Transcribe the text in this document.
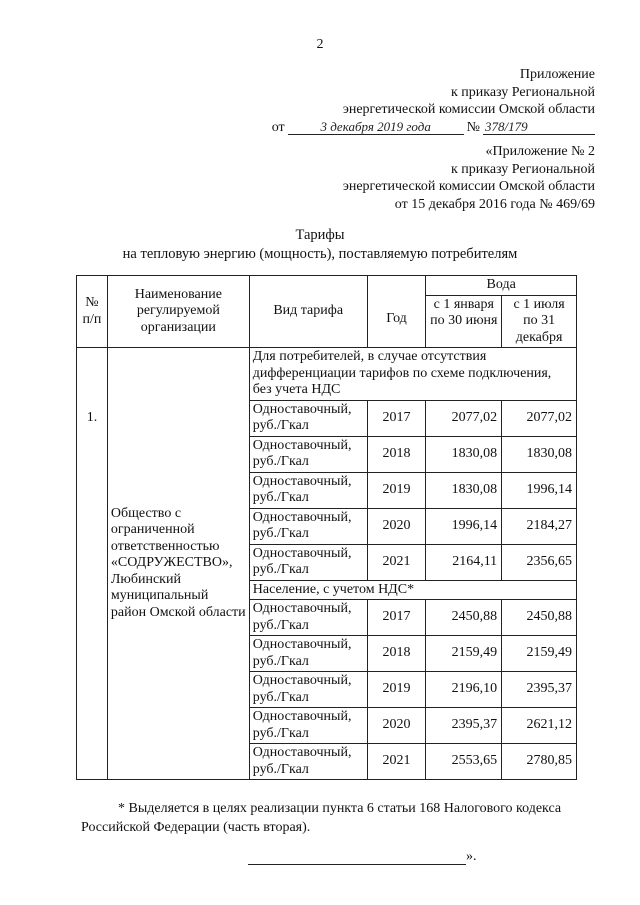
2
Приложение
к приказу Региональной
энергетической комиссии Омской области
от	3 декабря 2019 года	№ 378/179
«Приложение № 2
к приказу Региональной
энергетической комиссии Омской области
от 15 декабря 2016 года № 469/69
Тарифы
на тепловую энергию (мощность), поставляемую потребителям
№ п/п	Наименование регулируемой организации	Вид тарифа	Год	Вода	
				с 1 января по 30 июня	с 1 июля по 31 декабря
1.	Общество с ограниченной ответственностью «СОДРУЖЕСТВО», Любинский муниципальный район Омской области	Для потребителей, в случае отсутствия дифференциации тарифов по схеме подключения, без учета НДС			
		Одноставочный, руб./Гкал	2017	2077,02	2077,02
		Одноставочный, руб./Гкал	2018	1830,08	1830,08
		Одноставочный, руб./Гкал	2019	1830,08	1996,14
		Одноставочный, руб./Гкал	2020	1996,14	2184,27
		Одноставочный, руб./Гкал	2021	2164,11	2356,65
		Население, с учетом НДС*			
		Одноставочный, руб./Гкал	2017	2450,88	2450,88
		Одноставочный, руб./Гкал	2018	2159,49	2159,49
		Одноставочный, руб./Гкал	2019	2196,10	2395,37
		Одноставочный, руб./Гкал	2020	2395,37	2621,12
		Одноставочный, руб./Гкал	2021	2553,65	2780,85
* Выделяется в целях реализации пункта 6 статьи 168 Налогового кодекса Российской Федерации (часть вторая).
».
